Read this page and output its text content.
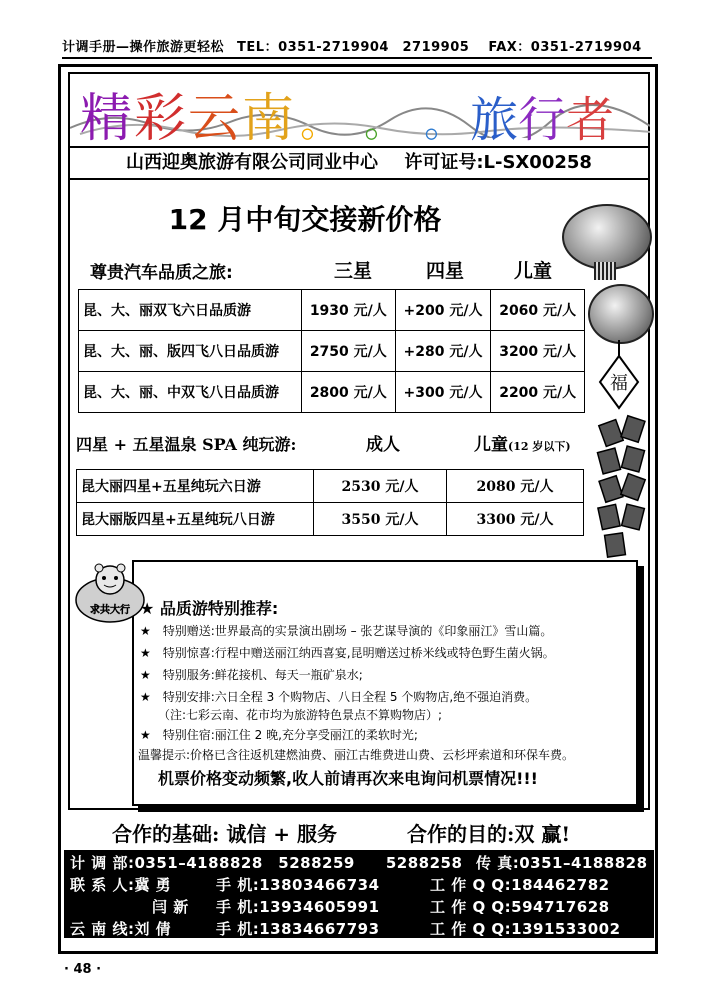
计调手册—操作旅游更轻松 TEL：0351-2719904　2719905 FAX：0351-2719904
精彩云南 。 。 。 旅行者
山西迎奥旅游有限公司同业中心 许可证号:L-SX00258
12 月中旬交接新价格
福
尊贵汽车品质之旅:	三星	四星	儿童
昆、大、丽双飞六日品质游	1930 元/人	+200 元/人	2060 元/人
昆、大、丽、版四飞八日品质游	2750 元/人	+280 元/人	3200 元/人
昆、大、丽、中双飞八日品质游	2800 元/人	+300 元/人	2200 元/人
四星 + 五星温泉 SPA 纯玩游:	成人	儿童(12 岁以下)
昆大丽四星+五星纯玩六日游	2530 元/人	2080 元/人
昆大丽版四星+五星纯玩八日游	3550 元/人	3300 元/人
求共大行 ★ 品质游特别推荐:
★　特别赠送:世界最高的实景演出剧场 – 张艺谋导演的《印象丽江》雪山篇。
★　特别惊喜:行程中赠送丽江纳西喜宴,昆明赠送过桥米线或特色野生菌火锅。
★　特别服务:鲜花接机、每天一瓶矿泉水;
★　特别安排:六日全程 3 个购物店、八日全程 5 个购物店,绝不强迫消费。
（注:七彩云南、花市均为旅游特色景点不算购物店）;
★　特别住宿:丽江住 2 晚,充分享受丽江的柔软时光;
温馨提示:价格已含往返机建燃油费、丽江古维费进山费、云杉坪索道和环保车费。
机票价格变动频繁,收人前请再次来电询问机票情况!!!
合作的基础: 诚信 + 服务	合作的目的:双 赢!
计 调 部:0351–4188828　5288259　　5288258 传 真:0351–4188828
联 系 人:冀 勇	手 机:13803466734	工 作 Q Q:184462782
闫 新 手 机:13934605991	工 作 Q Q:594717628
云 南 线:刘 倩	手 机:13834667793	工 作 Q Q:1391533002
· 48 ·
